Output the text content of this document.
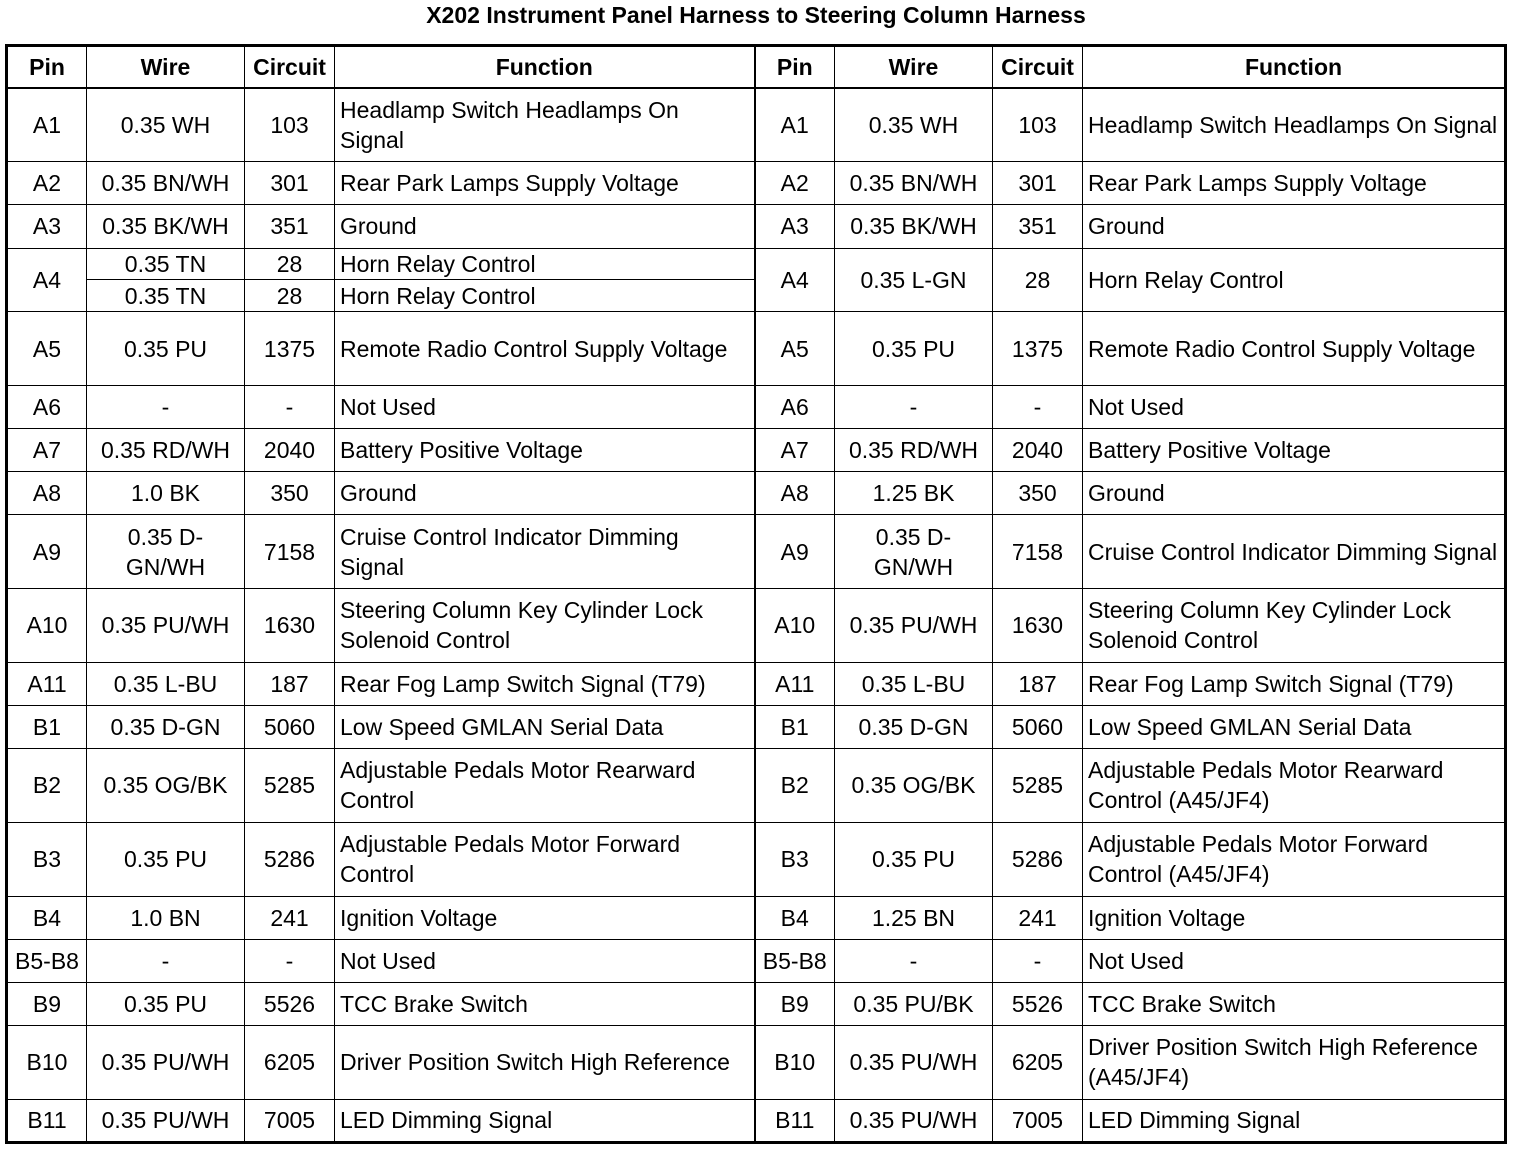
X202 Instrument Panel Harness to Steering Column Harness
Pin	Wire	Circuit	Function	Pin	Wire	Circuit	Function
A1	0.35 WH	103	Headlamp Switch Headlamps On Signal	A1	0.35 WH	103	Headlamp Switch Headlamps On Signal
A2	0.35 BN/WH	301	Rear Park Lamps Supply Voltage	A2	0.35 BN/WH	301	Rear Park Lamps Supply Voltage
A3	0.35 BK/WH	351	Ground	A3	0.35 BK/WH	351	Ground
A4	0.35 TN	28	Horn Relay Control	A4	0.35 L-GN	28	Horn Relay Control
	0.35 TN	28	Horn Relay Control				
A5	0.35 PU	1375	Remote Radio Control Supply Voltage	A5	0.35 PU	1375	Remote Radio Control Supply Voltage
A6	-	-	Not Used	A6	-	-	Not Used
A7	0.35 RD/WH	2040	Battery Positive Voltage	A7	0.35 RD/WH	2040	Battery Positive Voltage
A8	1.0 BK	350	Ground	A8	1.25 BK	350	Ground
A9	0.35 D-GN/WH	7158	Cruise Control Indicator Dimming Signal	A9	0.35 D-GN/WH	7158	Cruise Control Indicator Dimming Signal
A10	0.35 PU/WH	1630	Steering Column Key Cylinder Lock Solenoid Control	A10	0.35 PU/WH	1630	Steering Column Key Cylinder Lock Solenoid Control
A11	0.35 L-BU	187	Rear Fog Lamp Switch Signal (T79)	A11	0.35 L-BU	187	Rear Fog Lamp Switch Signal (T79)
B1	0.35 D-GN	5060	Low Speed GMLAN Serial Data	B1	0.35 D-GN	5060	Low Speed GMLAN Serial Data
B2	0.35 OG/BK	5285	Adjustable Pedals Motor Rearward Control	B2	0.35 OG/BK	5285	Adjustable Pedals Motor Rearward Control (A45/JF4)
B3	0.35 PU	5286	Adjustable Pedals Motor Forward Control	B3	0.35 PU	5286	Adjustable Pedals Motor Forward Control (A45/JF4)
B4	1.0 BN	241	Ignition Voltage	B4	1.25 BN	241	Ignition Voltage
B5-B8	-	-	Not Used	B5-B8	-	-	Not Used
B9	0.35 PU	5526	TCC Brake Switch	B9	0.35 PU/BK	5526	TCC Brake Switch
B10	0.35 PU/WH	6205	Driver Position Switch High Reference	B10	0.35 PU/WH	6205	Driver Position Switch High Reference (A45/JF4)
B11	0.35 PU/WH	7005	LED Dimming Signal	B11	0.35 PU/WH	7005	LED Dimming Signal
